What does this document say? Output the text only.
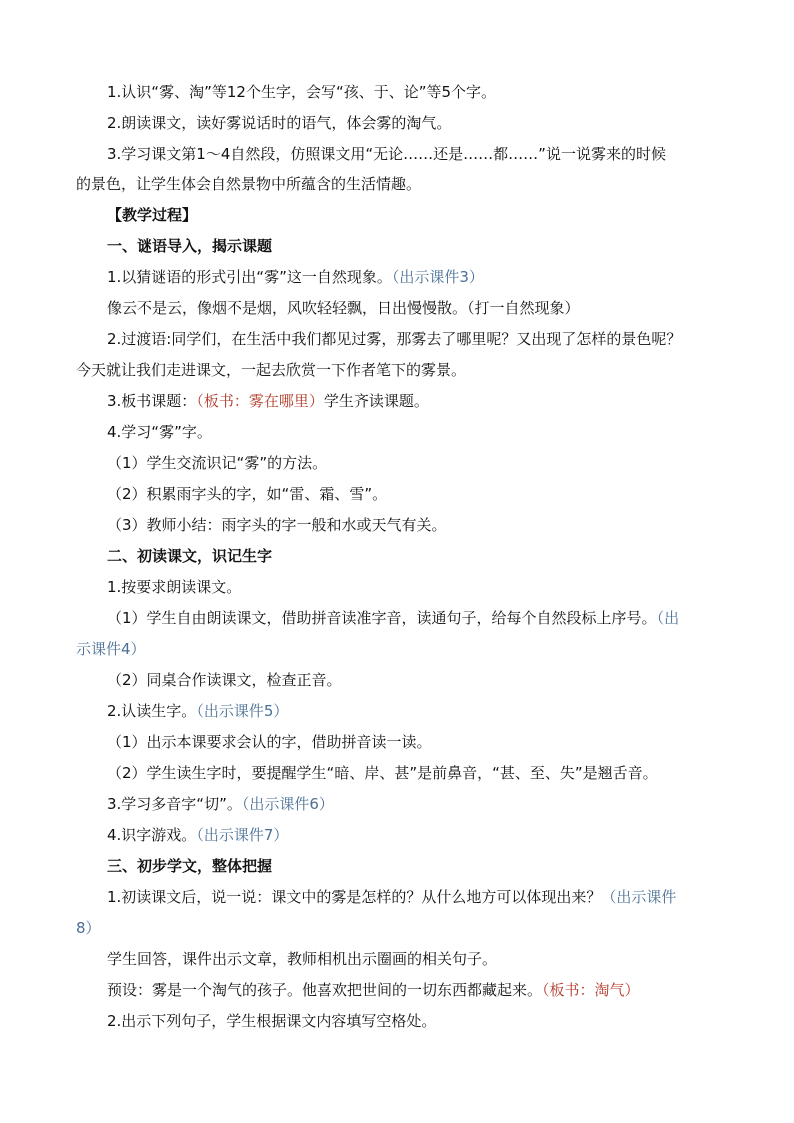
1.认识“雾、淘”等12个生字，会写“孩、于、论”等5个字。
2.朗读课文，读好雾说话时的语气，体会雾的淘气。
3.学习课文第1～4自然段，仿照课文用“无论……还是……都……”说一说雾来的时候
的景色，让学生体会自然景物中所蕴含的生活情趣。
【教学过程】
一、谜语导入，揭示课题
1.以猜谜语的形式引出“雾”这一自然现象。（出示课件3）
像云不是云，像烟不是烟，风吹轻轻飘，日出慢慢散。（打一自然现象）
2.过渡语:同学们，在生活中我们都见过雾，那雾去了哪里呢？又出现了怎样的景色呢？
今天就让我们走进课文，一起去欣赏一下作者笔下的雾景。
3.板书课题：（板书：雾在哪里）学生齐读课题。
4.学习“雾”字。
（1）学生交流识记“雾”的方法。
（2）积累雨字头的字，如“雷、霜、雪”。
（3）教师小结：雨字头的字一般和水或天气有关。
二、初读课文，识记生字
1.按要求朗读课文。
（1）学生自由朗读课文，借助拼音读准字音，读通句子，给每个自然段标上序号。（出
示课件4）
（2）同桌合作读课文，检查正音。
2.认读生字。（出示课件5）
（1）出示本课要求会认的字，借助拼音读一读。
（2）学生读生字时，要提醒学生“暗、岸、甚”是前鼻音，“甚、至、失”是翘舌音。
3.学习多音字“切”。（出示课件6）
4.识字游戏。（出示课件7）
三、初步学文，整体把握
1.初读课文后，说一说：课文中的雾是怎样的？从什么地方可以体现出来？（出示课件
8）
学生回答，课件出示文章，教师相机出示圈画的相关句子。
预设：雾是一个淘气的孩子。他喜欢把世间的一切东西都藏起来。（板书：淘气）
2.出示下列句子，学生根据课文内容填写空格处。
